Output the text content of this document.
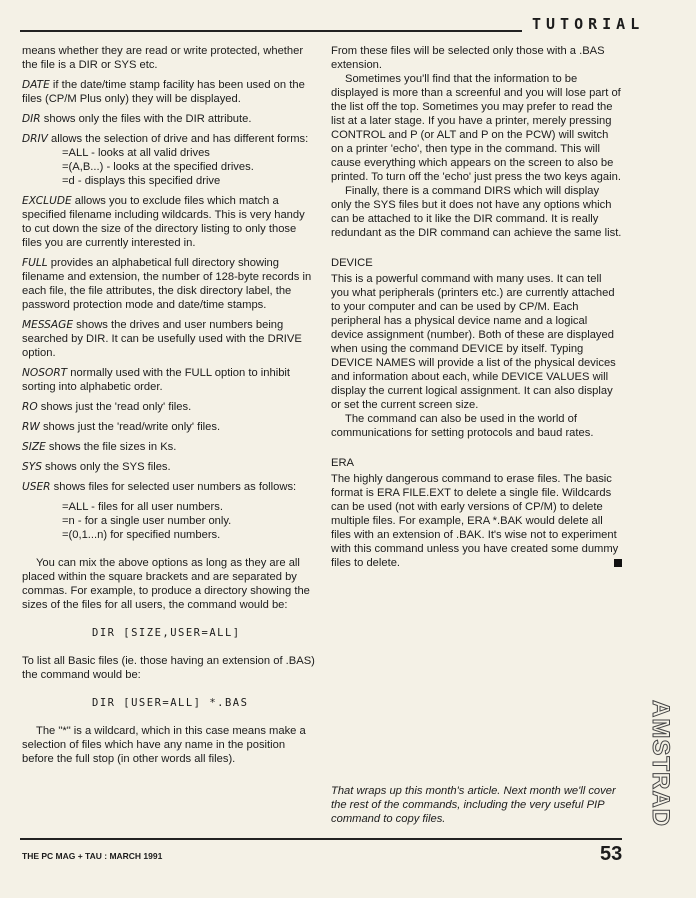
TUTORIAL

means whether they are read or write protected, whether the file is a DIR or SYS etc.

DATE if the date/time stamp facility has been used on the files (CP/M Plus only) they will be displayed.

DIR shows only the files with the DIR attribute.

DRIV allows the selection of drive and has different forms:

=ALL - looks at all valid drives
=(A,B...) - looks at the specified drives.
=d - displays this specified drive

EXCLUDE allows you to exclude files which match a specified filename including wildcards. This is very handy to cut down the size of the directory listing to only those files you are currently interested in.

FULL provides an alphabetical full directory showing filename and extension, the number of 128-byte records in each file, the file attributes, the disk directory label, the password protection mode and date/time stamps.

MESSAGE shows the drives and user numbers being searched by DIR. It can be usefully used with the DRIVE option.

NOSORT normally used with the FULL option to inhibit sorting into alphabetic order.

RO shows just the 'read only' files.

RW shows just the 'read/write only' files.

SIZE shows the file sizes in Ks.

SYS shows only the SYS files.

USER shows files for selected user numbers as follows:

=ALL - files for all user numbers.
=n - for a single user number only.
=(0,1...n) for specified numbers.

You can mix the above options as long as they are all placed within the square brackets and are separated by commas. For example, to produce a directory showing the sizes of the files for all users, the command would be:

DIR [SIZE,USER=ALL]

To list all Basic files (ie. those having an extension of .BAS) the command would be:

DIR [USER=ALL] *.BAS

The "*" is a wildcard, which in this case means make a selection of files which have any name in the position before the full stop (in other words all files).

From these files will be selected only those with a .BAS extension.

Sometimes you'll find that the information to be displayed is more than a screenful and you will lose part of the list off the top. Sometimes you may prefer to read the list at a later stage. If you have a printer, merely pressing CONTROL and P (or ALT and P on the PCW) will switch on a printer 'echo', then type in the command. This will cause everything which appears on the screen to also be printed. To turn off the 'echo' just press the two keys again.

Finally, there is a command DIRS which will display only the SYS files but it does not have any options which can be attached to it like the DIR command. It is really redundant as the DIR command can achieve the same list.

DEVICE

This is a powerful command with many uses. It can tell you what peripherals (printers etc.) are currently attached to your computer and can be used by CP/M. Each peripheral has a physical device name and a logical device assignment (number). Both of these are displayed when using the command DEVICE by itself. Typing DEVICE NAMES will provide a list of the physical devices and information about each, while DEVICE VALUES will display the current logical assignment. It can also display or set the current screen size.

The command can also be used in the world of communications for setting protocols and baud rates.

ERA

The highly dangerous command to erase files. The basic format is ERA FILE.EXT to delete a single file. Wildcards can be used (not with early versions of CP/M) to delete multiple files. For example, ERA *.BAK would delete all files with an extension of .BAK. It's wise not to experiment with this command unless you have created some dummy files to delete.

That wraps up this month's article. Next month we'll cover the rest of the commands, including the very useful PIP command to copy files.	AMSTRAD
THE PC MAG + TAU : MARCH 1991	53
